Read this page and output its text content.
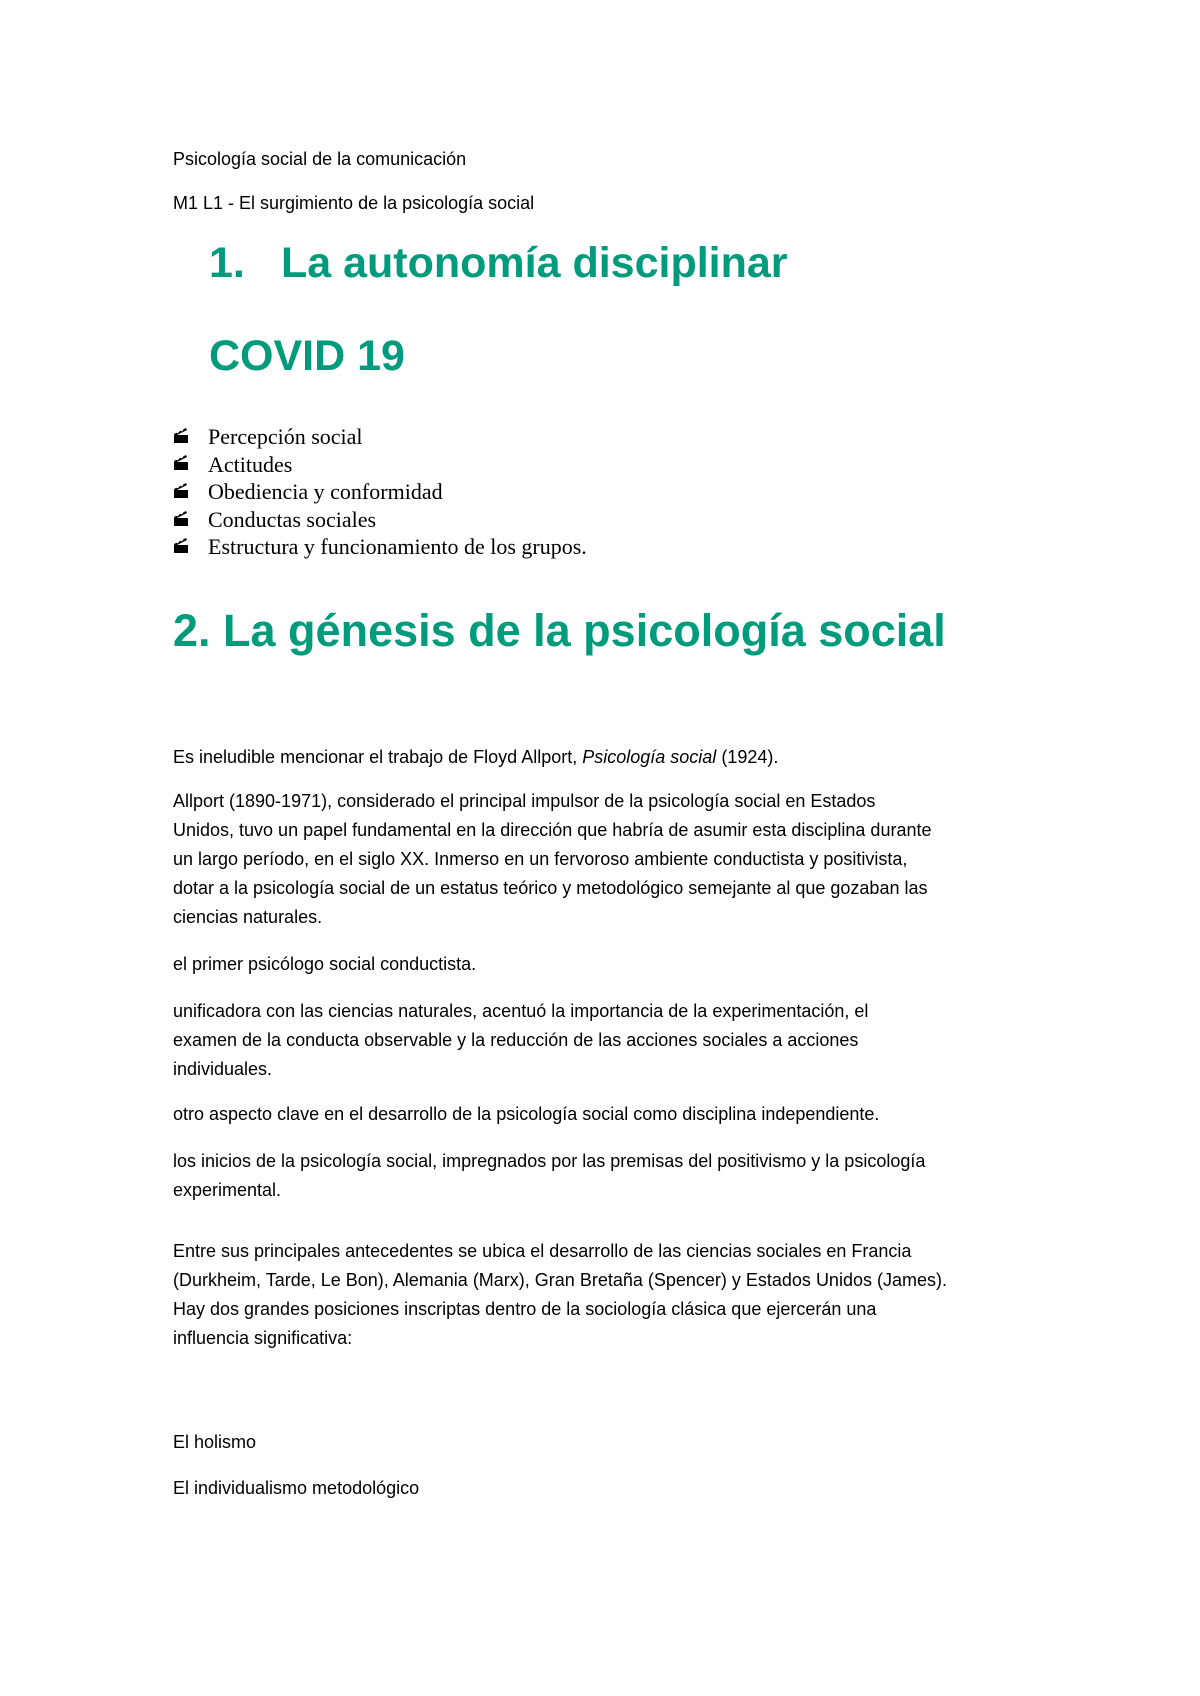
Psicología social de la comunicación

M1 L1 - El surgimiento de la psicología social

1. La autonomía disciplinar
COVID 19
Percepción social
Actitudes
Obediencia y conformidad
Conductas sociales
Estructura y funcionamiento de los grupos.
2. La génesis de la psicología social

Es ineludible mencionar el trabajo de Floyd Allport, Psicología social (1924).

Allport (1890-1971), considerado el principal impulsor de la psicología social en Estados
Unidos, tuvo un papel fundamental en la dirección que habría de asumir esta disciplina durante
un largo período, en el siglo XX. Inmerso en un fervoroso ambiente conductista y positivista,
dotar a la psicología social de un estatus teórico y metodológico semejante al que gozaban las
ciencias naturales.

el primer psicólogo social conductista.

unificadora con las ciencias naturales, acentuó la importancia de la experimentación, el
examen de la conducta observable y la reducción de las acciones sociales a acciones
individuales.

otro aspecto clave en el desarrollo de la psicología social como disciplina independiente.

los inicios de la psicología social, impregnados por las premisas del positivismo y la psicología
experimental.

Entre sus principales antecedentes se ubica el desarrollo de las ciencias sociales en Francia
(Durkheim, Tarde, Le Bon), Alemania (Marx), Gran Bretaña (Spencer) y Estados Unidos (James).
Hay dos grandes posiciones inscriptas dentro de la sociología clásica que ejercerán una
influencia significativa:

El holismo

El individualismo metodológico
